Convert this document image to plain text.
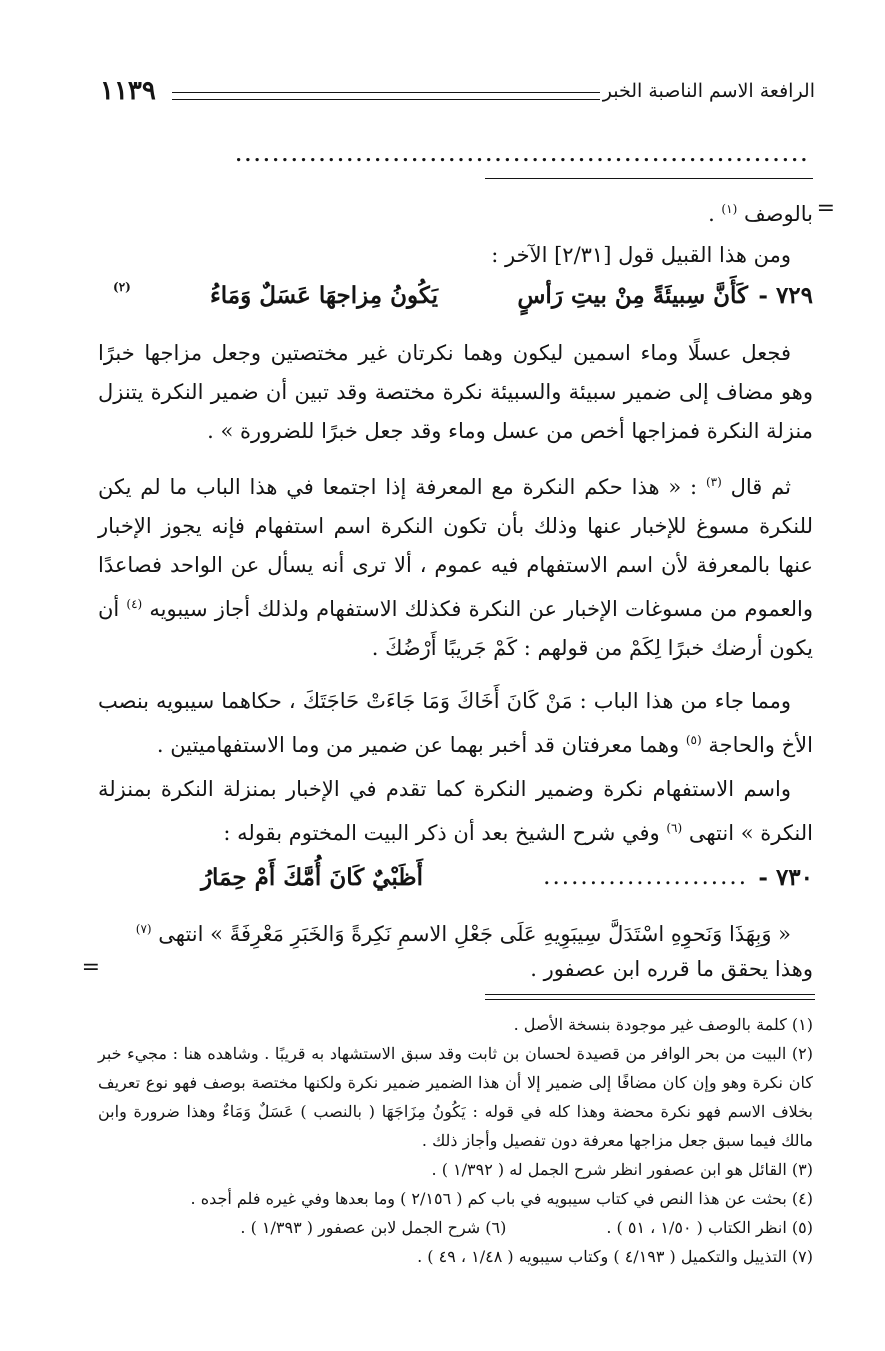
الرافعة الاسم الناصبة الخبر
١١٣٩
..............................................................
=
بالوصف $^{(١)}$ .
ومن هذا القبيل قول [٢/٣١] الآخر :
٧٢٩ -
كَأَنَّ سِبيئَةً مِنْ بيتِ رَأسٍ
يَكُونُ مِزاجهَا عَسَلٌ وَمَاءُ
(٢)
فجعل عسلًا وماء اسمين ليكون وهما نكرتان غير مختصتين وجعل مزاجها خبرًا وهو مضاف إلى ضمير سبيئة والسبيئة نكرة مختصة وقد تبين أن ضمير النكرة يتنزل منزلة النكرة فمزاجها أخص من عسل وماء وقد جعل خبرًا للضرورة » .
ثم قال $^{(٣)}$ : « هذا حكم النكرة مع المعرفة إذا اجتمعا في هذا الباب ما لم يكن للنكرة مسوغ للإخبار عنها وذلك بأن تكون النكرة اسم استفهام فإنه يجوز الإخبار عنها بالمعرفة لأن اسم الاستفهام فيه عموم ، ألا ترى أنه يسأل عن الواحد فصاعدًا والعموم من مسوغات الإخبار عن النكرة فكذلك الاستفهام ولذلك أجاز سيبويه $^{(٤)}$ أن يكون أرضك خبرًا لِكَمْ من قولهم : كَمْ جَريبًا أَرْضُكَ .
ومما جاء من هذا الباب : مَنْ كَانَ أَخَاكَ وَمَا جَاءَتْ حَاجَتَكَ ، حكاهما سيبويه بنصب الأخ والحاجة $^{(٥)}$ وهما معرفتان قد أخبر بهما عن ضمير من وما الاستفهاميتين .
واسم الاستفهام نكرة وضمير النكرة كما تقدم في الإخبار بمنزلة النكرة بمنزلة النكرة » انتهى $^{(٦)}$ وفي شرح الشيخ بعد أن ذكر البيت المختوم بقوله :
٧٣٠ -
......................
أَظَبْيٌ كَانَ أُمَّكَ أَمْ حِمَارُ
« وَبِهَذَا وَنَحوِهِ اسْتَدَلَّ سِيبَوِيهِ عَلَى جَعْلِ الاسمِ نَكِرةً وَالخَبَرِ مَعْرِفَةً » انتهى $^{(٧)}$
=	وهذا يحقق ما قرره ابن عصفور .
(١) كلمة بالوصف غير موجودة بنسخة الأصل .
(٢) البيت من بحر الوافر من قصيدة لحسان بن ثابت وقد سبق الاستشهاد به قريبًا . وشاهده هنا : مجيء خبر كان نكرة وهو وإن كان مضافًا إلى ضمير إلا أن هذا الضمير ضمير نكرة ولكنها مختصة بوصف فهو نوع تعريف بخلاف الاسم فهو نكرة محضة وهذا كله في قوله : يَكُونُ مِزَاجَهَا ( بالنصب ) عَسَلٌ وَمَاءٌ وهذا ضرورة وابن مالك فيما سبق جعل مزاجها معرفة دون تفصيل وأجاز ذلك .
(٣) القائل هو ابن عصفور انظر شرح الجمل له ( ١/٣٩٢ ) .
(٤) بحثت عن هذا النص في كتاب سيبويه في باب كم ( ٢/١٥٦ ) وما بعدها وفي غيره فلم أجده .
(٥) انظر الكتاب ( ١/٥٠ ، ٥١ ) .
(٦) شرح الجمل لابن عصفور ( ١/٣٩٣ ) .
(٧) التذييل والتكميل ( ٤/١٩٣ ) وكتاب سيبويه ( ١/٤٨ ، ٤٩ ) .
